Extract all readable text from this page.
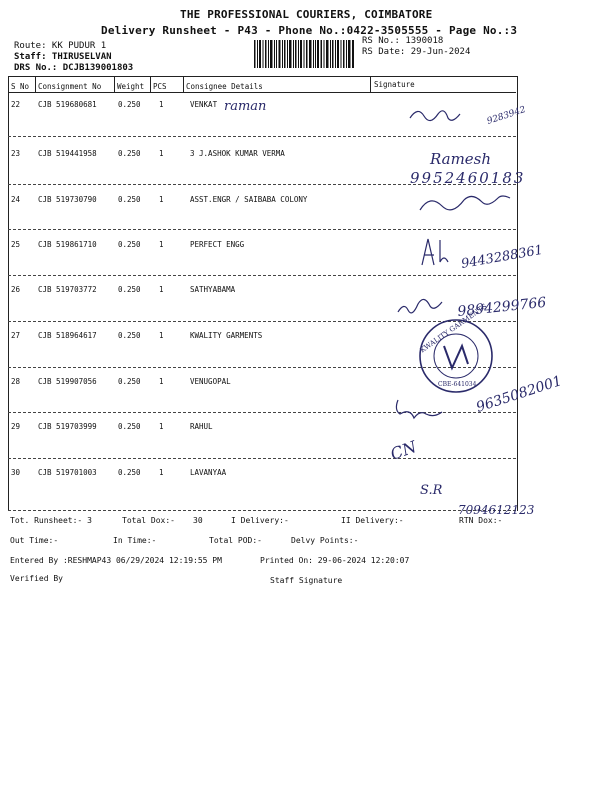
THE PROFESSIONAL COURIERS, COIMBATORE
Delivery Runsheet - P43 - Phone No.:0422-3505555 - Page No.:3
Route: KK PUDUR 1
Staff: THIRUSELVAN
DRS No.: DCJB139001803
RS No.: 1390018
RS Date: 29-Jun-2024
S No Consignment No Weight PCS	Consignee Details	Signature
22 CJB 519680681	0.250 1	VENKAT
23 CJB 519441958	0.250 1	3 J.ASHOK KUMAR VERMA
24 CJB 519730790	0.250 1	ASST.ENGR / SAIBABA COLONY
25 CJB 519861710	0.250 1	PERFECT ENGG
26 CJB 519703772	0.250 1	SATHYABAMA
27 CJB 518964617	0.250 1	KWALITY GARMENTS
28 CJB 519907056	0.250 1	VENUGOPAL
29 CJB 519703999	0.250 1	RAHUL
30 CJB 519701003	0.250 1	LAVANYAA
raman	9283942
Ramesh
9952460183
9443288361
9894299766
9635082001
CN
S.R
7094612123
KWALITY GARMENTS
CBE-641034
Tot. Runsheet:- 3	Total Dox:- 30	I Delivery:-	II Delivery:-	RTN Dox:-
Out Time:-	In Time:-	Total POD:-	Delvy Points:-
Entered By :RESHMAP43 06/29/2024 12:19:55 PM	Printed On: 29-06-2024 12:20:07
Verified By	Staff Signature
